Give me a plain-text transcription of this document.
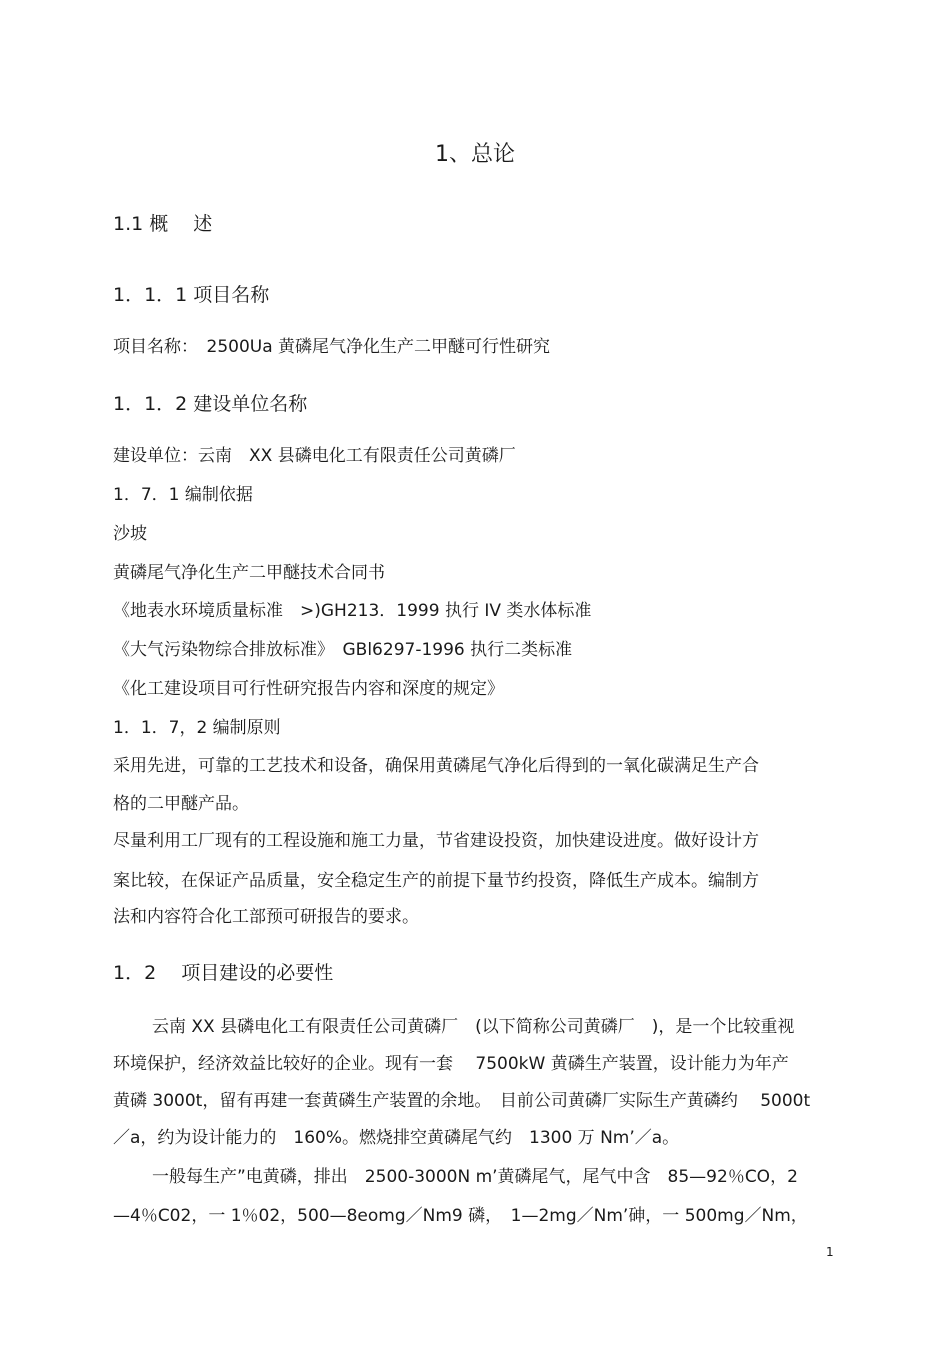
1、总论
1.1 概　 述
1．1．1 项目名称
项目名称：　2500Ua 黄磷尾气净化生产二甲醚可行性研究
1．1．2 建设单位名称
建设单位：云南　XX 县磷电化工有限责任公司黄磷厂
1．7．1 编制依据
沙坡
黄磷尾气净化生产二甲醚技术合同书
《地表水环境质量标准　>)GH213．1999 执行 IV 类水体标准
《大气污染物综合排放标准》　GBl6297-1996 执行二类标准
《化工建设项目可行性研究报告内容和深度的规定》
1．1．7，2 编制原则
采用先进，可靠的工艺技术和设备，确保用黄磷尾气净化后得到的一氧化碳满足生产合
格的二甲醚产品。
尽量利用工厂现有的工程设施和施工力量，节省建设投资，加快建设进度。做好设计方
案比较，在保证产品质量，安全稳定生产的前提下量节约投资，降低生产成本。编制方
法和内容符合化工部预可研报告的要求。
1．2　 项目建设的必要性
云南 XX 县磷电化工有限责任公司黄磷厂　(以下简称公司黄磷厂　)，是一个比较重视
环境保护，经济效益比较好的企业。现有一套　 7500kW 黄磷生产装置，设计能力为年产
黄磷 3000t，留有再建一套黄磷生产装置的余地。　目前公司黄磷厂实际生产黄磷约　 5000t
／a，约为设计能力的　160%。燃烧排空黄磷尾气约　1300 万 Nm’／a。
一般每生产”电黄磷，排出　2500-3000N m’黄磷尾气，尾气中含　85—92％CO，2
—4％C02，一 1％02，500—8eomg／Nm9 磷，　1—2mg／Nm’砷，一 500mg／Nm，
1
